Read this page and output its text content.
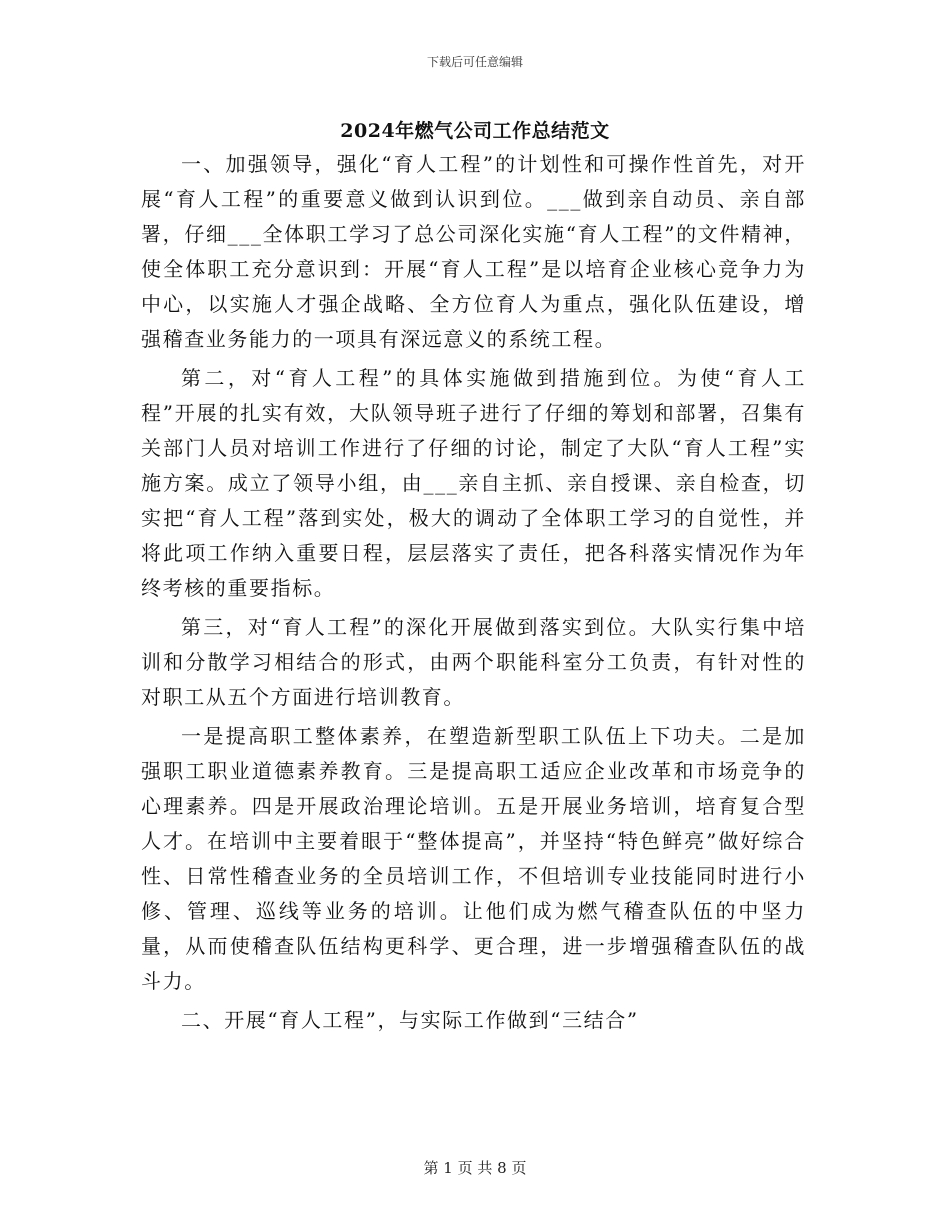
下载后可任意编辑
2024年燃气公司工作总结范文

一、加强领导，强化“育人工程”的计划性和可操作性首先，对开展“育人工程”的重要意义做到认识到位。___做到亲自动员、亲自部署，仔细___全体职工学习了总公司深化实施“育人工程”的文件精神，使全体职工充分意识到：开展“育人工程”是以培育企业核心竞争力为中心，以实施人才强企战略、全方位育人为重点，强化队伍建设，增强稽查业务能力的一项具有深远意义的系统工程。

第二，对“育人工程”的具体实施做到措施到位。为使“育人工程”开展的扎实有效，大队领导班子进行了仔细的筹划和部署，召集有关部门人员对培训工作进行了仔细的讨论，制定了大队“育人工程”实施方案。成立了领导小组，由___亲自主抓、亲自授课、亲自检查，切实把“育人工程”落到实处，极大的调动了全体职工学习的自觉性，并将此项工作纳入重要日程，层层落实了责任，把各科落实情况作为年终考核的重要指标。

第三，对“育人工程”的深化开展做到落实到位。大队实行集中培训和分散学习相结合的形式，由两个职能科室分工负责，有针对性的对职工从五个方面进行培训教育。

一是提高职工整体素养，在塑造新型职工队伍上下功夫。二是加强职工职业道德素养教育。三是提高职工适应企业改革和市场竞争的心理素养。四是开展政治理论培训。五是开展业务培训，培育复合型人才。在培训中主要着眼于“整体提高”，并坚持“特色鲜亮”做好综合性、日常性稽查业务的全员培训工作，不但培训专业技能同时进行小修、管理、巡线等业务的培训。让他们成为燃气稽查队伍的中坚力量，从而使稽查队伍结构更科学、更合理，进一步增强稽查队伍的战斗力。

二、开展“育人工程”，与实际工作做到“三结合”

第 1 页 共 8 页
